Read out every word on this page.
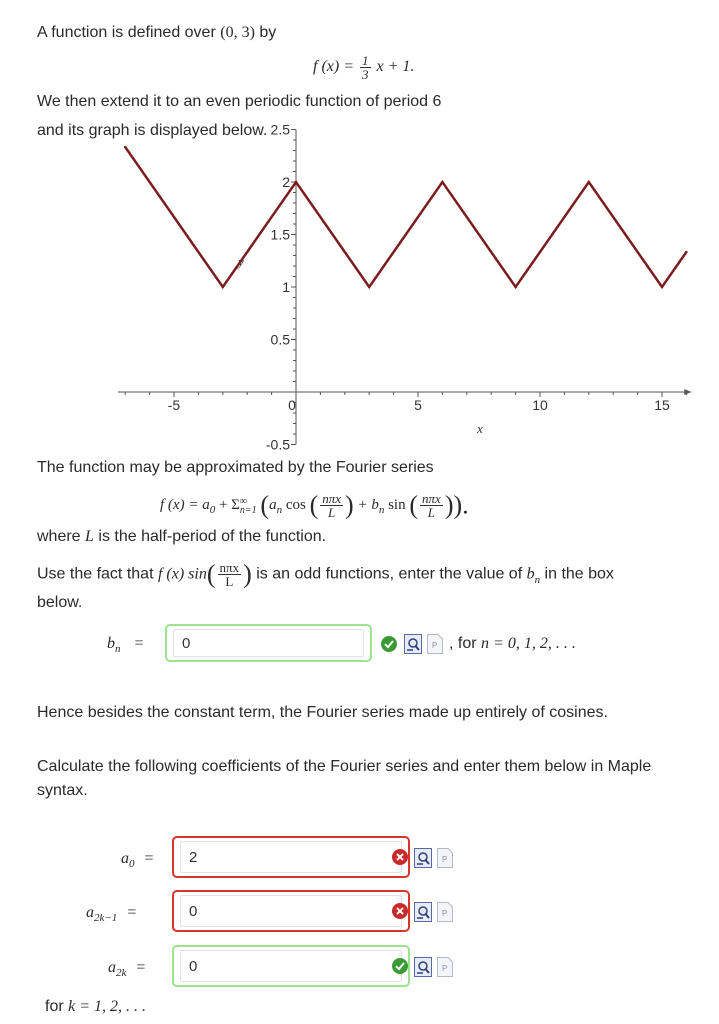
A function is defined over (0, 3) by
f $(x) = \frac{1}{3}$ x + 1.
We then extend it to an even periodic function of period 6
and its graph is displayed below.
-5	0	5	10	15
2.5
2
1.5
1
0.5
-0.5
y
x
The function may be approximated by the Fourier series
f $(x) = a_0 + \Sigma$ ∞
n=1 ($a_n$ cos ( $\frac{\text{nπx}}{L}$ ) + $b_n$ sin ( $\frac{\text{nπx}}{L}$ )).
where L is the half-period of the function.
Use the fact that f (x) $\sin( \frac{\text{nπx}}{L}$ ) is an odd functions, enter the value of $b_n$ in the box
below.
$b_n$ =	0	P , for n = 0, 1, 2, . . .
Hence besides the constant term, the Fourier series made up entirely of cosines.
Calculate the following coefficients of the Fourier series and enter them below in Maple
syntax.
$a_0$ =	2	P
$a_{2k-1}$ =	0	P
$a_{2k}$ =	0	P
for k = 1, 2, . . .
